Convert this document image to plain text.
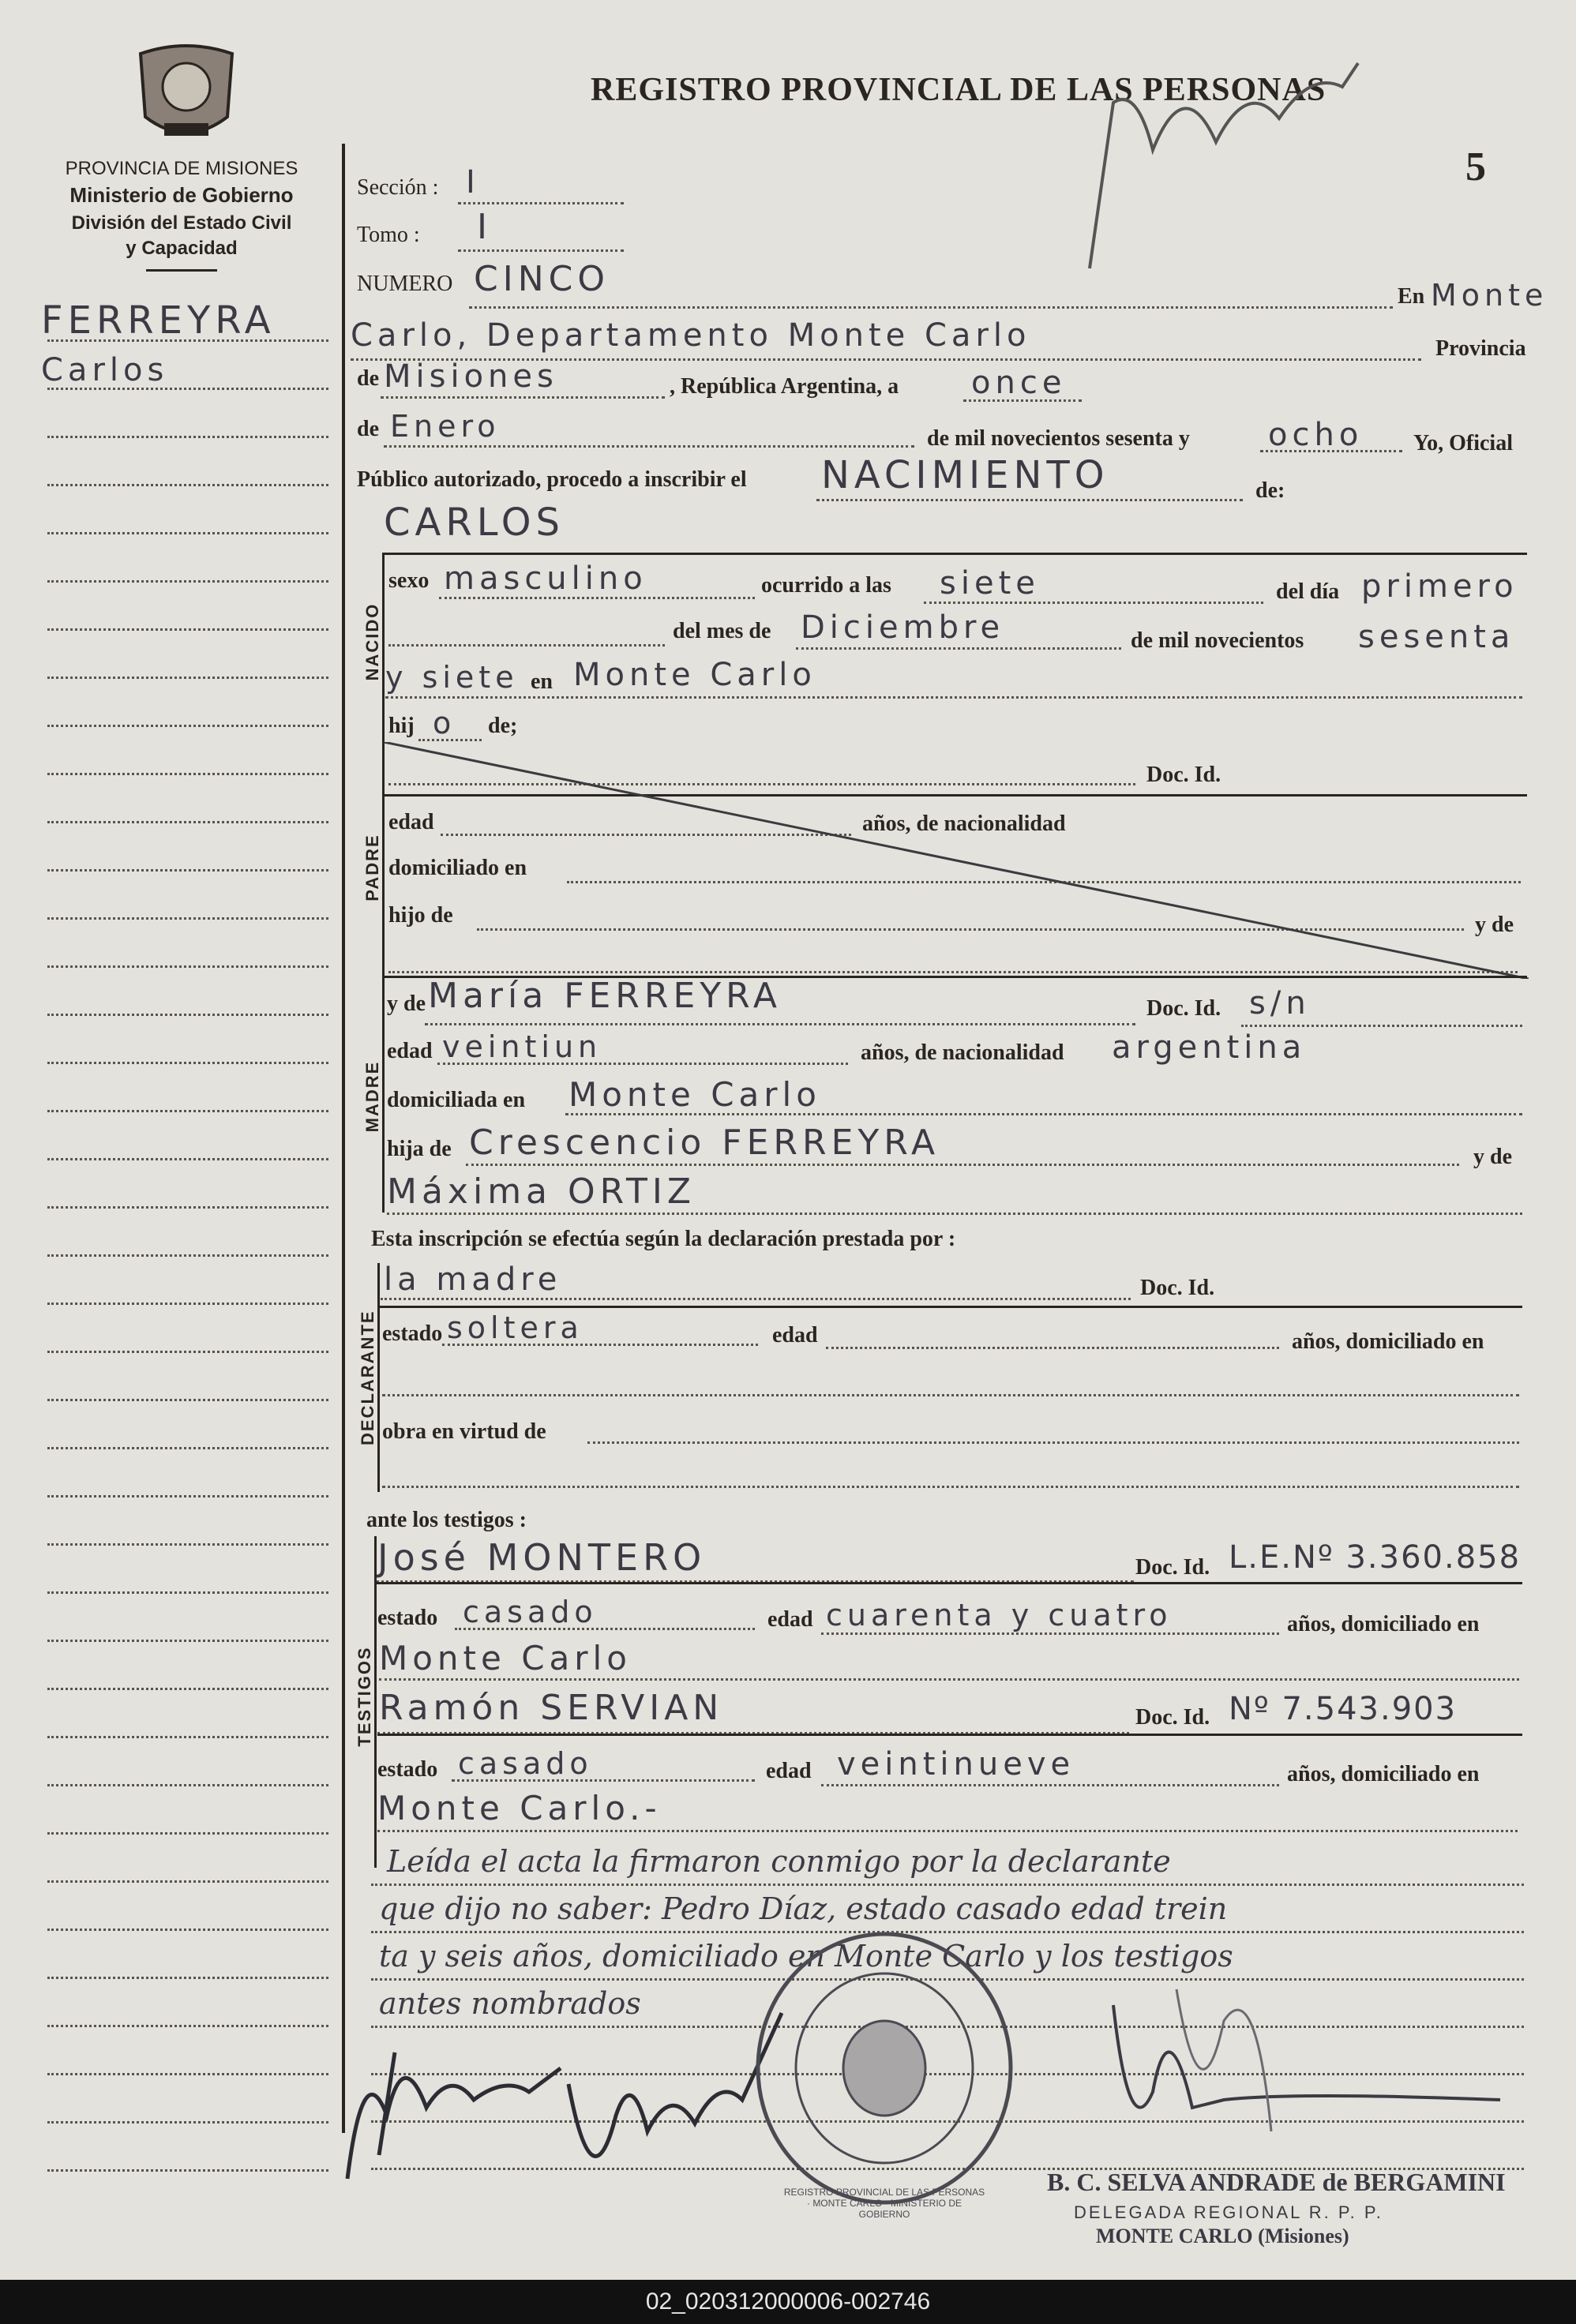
PROVINCIA DE MISIONES
Ministerio de Gobierno
División del Estado Civil
y Capacidad
REGISTRO PROVINCIAL DE LAS PERSONAS
5
FERREYRA
Carlos
Sección : I
Tomo : I
NUMERO CINCO	En Monte
Carlo, Departamento Monte Carlo	Provincia
de Misiones	, República Argentina, a once
de Enero	de mil novecientos sesenta y ocho Yo, Oficial
Público autorizado, procedo a inscribir el NACIMIENTO	de:
CARLOS
NACIDO
sexo masculino	ocurrido a las siete	del día primero
del mes de Diciembre	de mil novecientos sesenta
y siete en Monte Carlo
hij o de;
PADRE
Doc. Id.
edad	años, de nacionalidad
domiciliado en
hijo de	y de
MADRE
y de María FERREYRA	Doc. Id. s/n
edad veintiun	años, de nacionalidad argentina
domiciliada en Monte Carlo
hija de Crescencio FERREYRA	y de
Máxima ORTIZ
Esta inscripción se efectúa según la declaración prestada por :
la madre	Doc. Id.
DECLARANTE estado soltera	edad	años, domiciliado en
obra en virtud de
ante los testigos :
José MONTERO	Doc. Id. L.E.Nº 3.360.858
TESTIGOS
estado casado	edad cuarenta y cuatro	años, domiciliado en
Monte Carlo
Ramón SERVIAN	Doc. Id. Nº 7.543.903
estado casado	edad veintinueve	años, domiciliado en
Monte Carlo.-
Leída el acta la firmaron conmigo por la declarante
que dijo no saber: Pedro Díaz, estado casado edad trein
ta y seis años, domiciliado en Monte Carlo y los testigos
antes nombrados
REGISTRO PROVINCIAL DE LAS PERSONAS · MONTE CARLO · MINISTERIO DE GOBIERNO
B. C. SELVA ANDRADE de BERGAMINI
DELEGADA REGIONAL R. P. P.
MONTE CARLO (Misiones)
02_020312000006-002746
